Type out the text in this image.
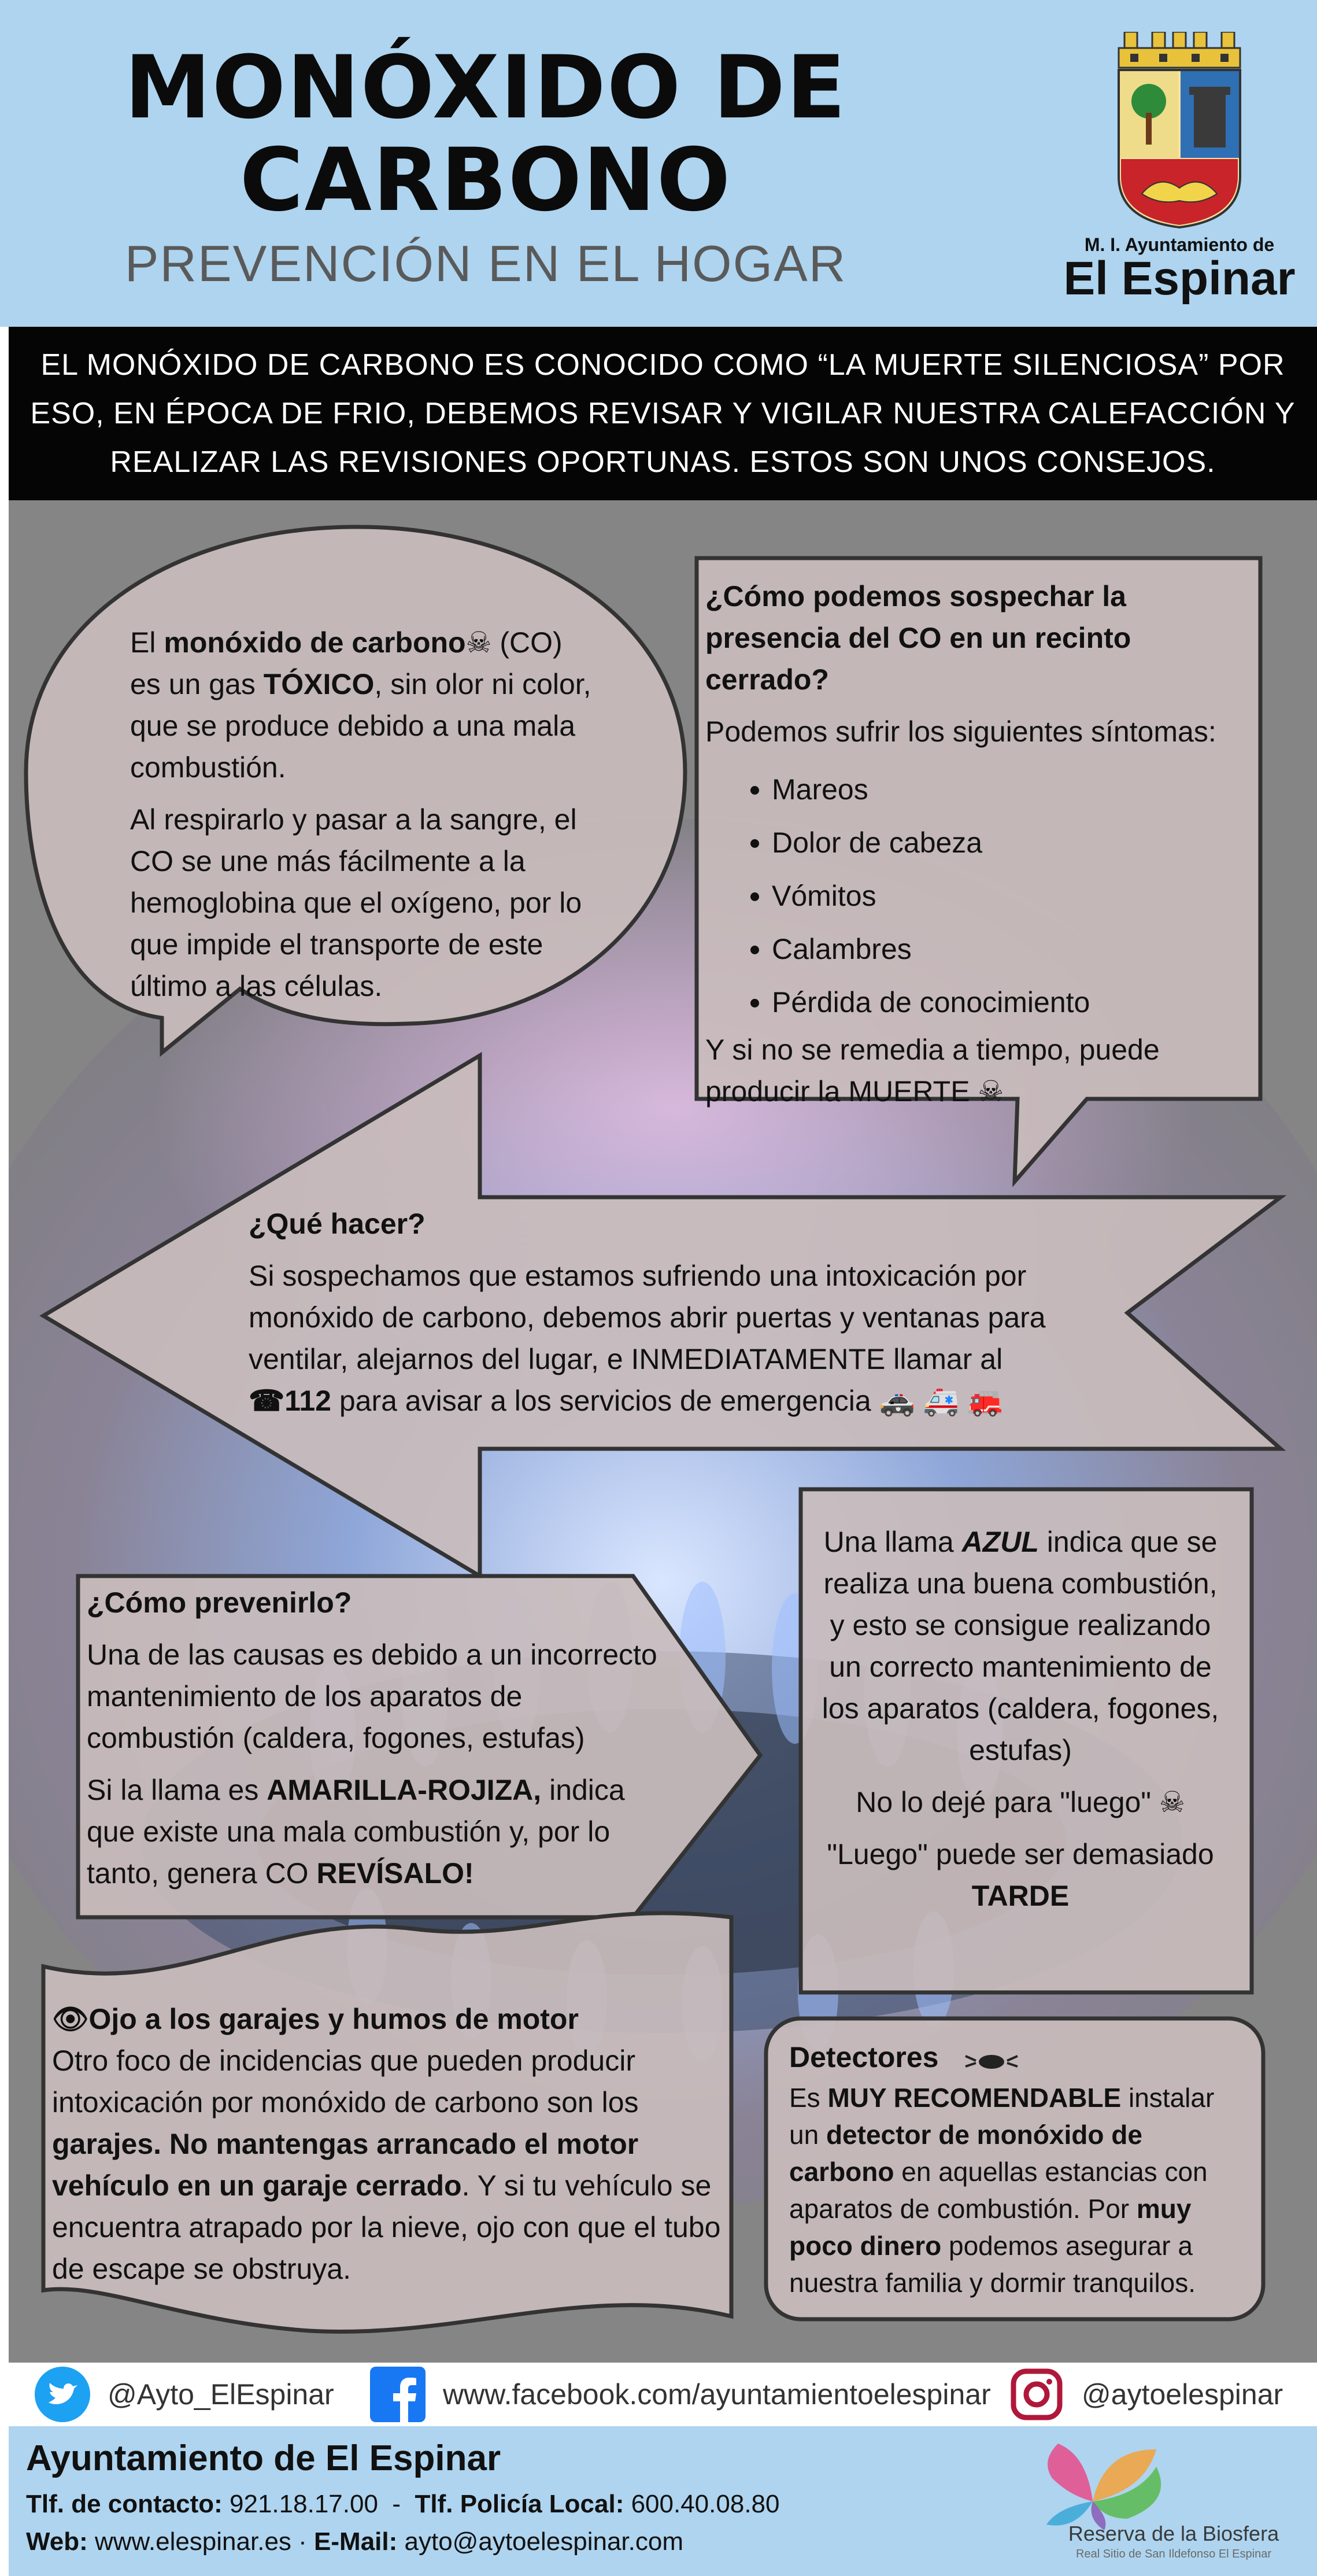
MONÓXIDO DE
CARBONO
PREVENCIÓN EN EL HOGAR	M. I. Ayuntamiento de
El Espinar

EL MONÓXIDO DE CARBONO ES CONOCIDO COMO “LA MUERTE SILENCIOSA” POR ESO, EN ÉPOCA DE FRIO, DEBEMOS REVISAR Y VIGILAR NUESTRA CALEFACCIÓN Y REALIZAR LAS REVISIONES OPORTUNAS. ESTOS SON UNOS CONSEJOS.

El monóxido de carbono☠ (CO) es un gas TÓXICO, sin olor ni color, que se produce debido a una mala combustión.

Al respirarlo y pasar a la sangre, el CO se une más fácilmente a la hemoglobina que el oxígeno, por lo que impide el transporte de este último a las células.

¿Cómo podemos sospechar la presencia del CO en un recinto cerrado?

Podemos sufrir los siguientes síntomas:

• Mareos
• Dolor de cabeza
• Vómitos
• Calambres
• Pérdida de conocimiento

Y si no se remedia a tiempo, puede producir la MUERTE ☠

¿Qué hacer?

Si sospechamos que estamos sufriendo una intoxicación por monóxido de carbono, debemos abrir puertas y ventanas para ventilar, alejarnos del lugar, e INMEDIATAMENTE llamar al ☎112 para avisar a los servicios de emergencia 🚓 🚑 🚒

¿Cómo prevenirlo?

Una de las causas es debido a un incorrecto mantenimiento de los aparatos de combustión (caldera, fogones, estufas)

Si la llama es AMARILLA-ROJIZA, indica que existe una mala combustión y, por lo tanto, genera CO REVÍSALO!

Una llama AZUL indica que se realiza una buena combustión, y esto se consigue realizando un correcto mantenimiento de los aparatos (caldera, fogones, estufas)

No lo dejé para "luego" ☠

"Luego" puede ser demasiado

TARDE

👁Ojo a los garajes y humos de motor

Otro foco de incidencias que pueden producir intoxicación por monóxido de carbono son los garajes. No mantengas arrancado el motor vehículo en un garaje cerrado. Y si tu vehículo se encuentra atrapado por la nieve, ojo con que el tubo de escape se obstruya.

Detectores

Es MUY RECOMENDABLE instalar un detector de monóxido de carbono en aquellas estancias con aparatos de combustión. Por muy poco dinero podemos asegurar a nuestra familia y dormir tranquilos.

@Ayto_ElEspinar	www.facebook.com/ayuntamientoelespinar	@aytoelespinar
Ayuntamiento de El Espinar
Tlf. de contacto: 921.18.17.00 - Tlf. Policía Local: 600.40.08.80
Web: www.elespinar.es · E-Mail: ayto@aytoelespinar.com	Reserva de la Biosfera
Real Sitio de San Ildefonso El Espinar
